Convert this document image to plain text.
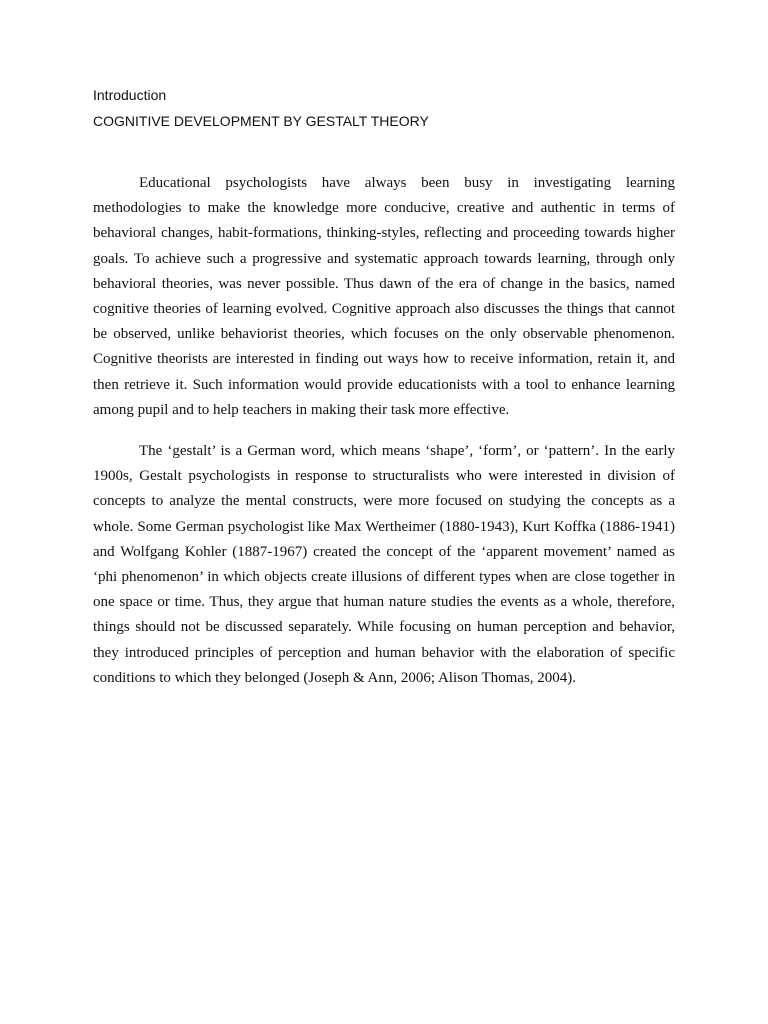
Introduction
COGNITIVE DEVELOPMENT BY GESTALT THEORY

Educational psychologists have always been busy in investigating learning methodologies to make the knowledge more conducive, creative and authentic in terms of behavioral changes, habit-formations, thinking-styles, reflecting and proceeding towards higher goals. To achieve such a progressive and systematic approach towards learning, through only behavioral theories, was never possible. Thus dawn of the era of change in the basics, named cognitive theories of learning evolved. Cognitive approach also discusses the things that cannot be observed, unlike behaviorist theories, which focuses on the only observable phenomenon. Cognitive theorists are interested in finding out ways how to receive information, retain it, and then retrieve it. Such information would provide educationists with a tool to enhance learning among pupil and to help teachers in making their task more effective.

The ‘gestalt’ is a German word, which means ‘shape’, ‘form’, or ‘pattern’. In the early 1900s, Gestalt psychologists in response to structuralists who were interested in division of concepts to analyze the mental constructs, were more focused on studying the concepts as a whole. Some German psychologist like Max Wertheimer (1880-1943), Kurt Koffka (1886-1941) and Wolfgang Kohler (1887-1967) created the concept of the ‘apparent movement’ named as ‘phi phenomenon’ in which objects create illusions of different types when are close together in one space or time. Thus, they argue that human nature studies the events as a whole, therefore, things should not be discussed separately. While focusing on human perception and behavior, they introduced principles of perception and human behavior with the elaboration of specific conditions to which they belonged (Joseph & Ann, 2006; Alison Thomas, 2004).
